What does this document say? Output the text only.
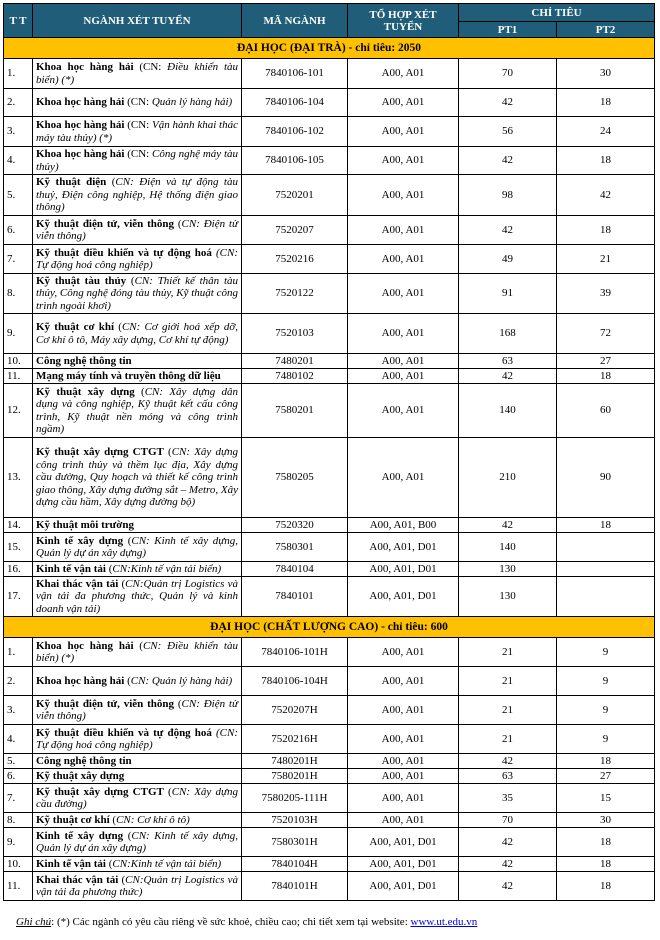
T T	NGÀNH XÉT TUYỂN	MÃ NGÀNH	TỔ HỢP XÉT TUYỂN	CHỈ TIÊU	
				PT1	PT2
ĐẠI HỌC (ĐẠI TRÀ) - chỉ tiêu: 2050					
1.	Khoa học hàng hải (CN: Điều khiển tàu biển) (*)	7840106-101	A00, A01	70	30
2.	Khoa học hàng hải (CN: Quản lý hàng hải)	7840106-104	A00, A01	42	18
3.	Khoa học hàng hải (CN: Vận hành khai thác máy tàu thủy) (*)	7840106-102	A00, A01	56	24
4.	Khoa học hàng hải (CN: Công nghệ máy tàu thủy)	7840106-105	A00, A01	42	18
5.	Kỹ thuật điện (CN: Điện và tự động tàu thuỷ, Điện công nghiệp, Hệ thống điện giao thông)	7520201	A00, A01	98	42
6.	Kỹ thuật điện tử, viễn thông (CN: Điện tử viễn thông)	7520207	A00, A01	42	18
7.	Kỹ thuật điều khiển và tự động hoá (CN: Tự động hoá công nghiệp)	7520216	A00, A01	49	21
8.	Kỹ thuật tàu thủy (CN: Thiết kế thân tàu thủy, Công nghệ đóng tàu thủy, Kỹ thuật công trình ngoài khơi)	7520122	A00, A01	91	39
9.	Kỹ thuật cơ khí (CN: Cơ giới hoá xếp dỡ, Cơ khí ô tô, Máy xây dựng, Cơ khí tự động)	7520103	A00, A01	168	72
10.	Công nghệ thông tin	7480201	A00, A01	63	27
11.	Mạng máy tính và truyền thông dữ liệu	7480102	A00, A01	42	18
12.	Kỹ thuật xây dựng (CN: Xây dựng dân dụng và công nghiệp, Kỹ thuật kết cấu công trình, Kỹ thuật nền móng và công trình ngầm)	7580201	A00, A01	140	60
13.	Kỹ thuật xây dựng CTGT (CN: Xây dựng công trình thủy và thềm lục địa, Xây dựng cầu đường, Quy hoạch và thiết kế công trình giao thông, Xây dựng đường sắt – Metro, Xây dựng cầu hầm, Xây dựng đường bộ)	7580205	A00, A01	210	90
14.	Kỹ thuật môi trường	7520320	A00, A01, B00	42	18
15.	Kinh tế xây dựng (CN: Kinh tế xây dựng, Quản lý dự án xây dựng)	7580301	A00, A01, D01	140	
16.	Kinh tế vận tải (CN:Kinh tế vận tải biển)	7840104	A00, A01, D01	130	
17.	Khai thác vận tải (CN:Quản trị Logistics và vận tải đa phương thức, Quản lý và kinh doanh vận tải)	7840101	A00, A01, D01	130	
ĐẠI HỌC (CHẤT LƯỢNG CAO) - chỉ tiêu: 600					
1.	Khoa học hàng hải (CN: Điều khiển tàu biển) (*)	7840106-101H	A00, A01	21	9
2.	Khoa học hàng hải (CN: Quản lý hàng hải)	7840106-104H	A00, A01	21	9
3.	Kỹ thuật điện tử, viễn thông (CN: Điện tử viễn thông)	7520207H	A00, A01	21	9
4.	Kỹ thuật điều khiển và tự động hoá (CN: Tự động hoá công nghiệp)	7520216H	A00, A01	21	9
5.	Công nghệ thông tin	7480201H	A00, A01	42	18
6.	Kỹ thuật xây dựng	7580201H	A00, A01	63	27
7.	Kỹ thuật xây dựng CTGT (CN: Xây dựng cầu đường)	7580205-111H	A00, A01	35	15
8.	Kỹ thuật cơ khí (CN: Cơ khí ô tô)	7520103H	A00, A01	70	30
9.	Kinh tế xây dựng (CN: Kinh tế xây dựng, Quản lý dự án xây dựng)	7580301H	A00, A01, D01	42	18
10.	Kinh tế vận tải (CN:Kinh tế vận tải biển)	7840104H	A00, A01, D01	42	18
11.	Khai thác vận tải (CN:Quản trị Logistics và vận tải đa phương thức)	7840101H	A00, A01, D01	42	18
Ghi chú: (*) Các ngành có yêu cầu riêng về sức khoẻ, chiều cao; chi tiết xem tại website: www.ut.edu.vn
